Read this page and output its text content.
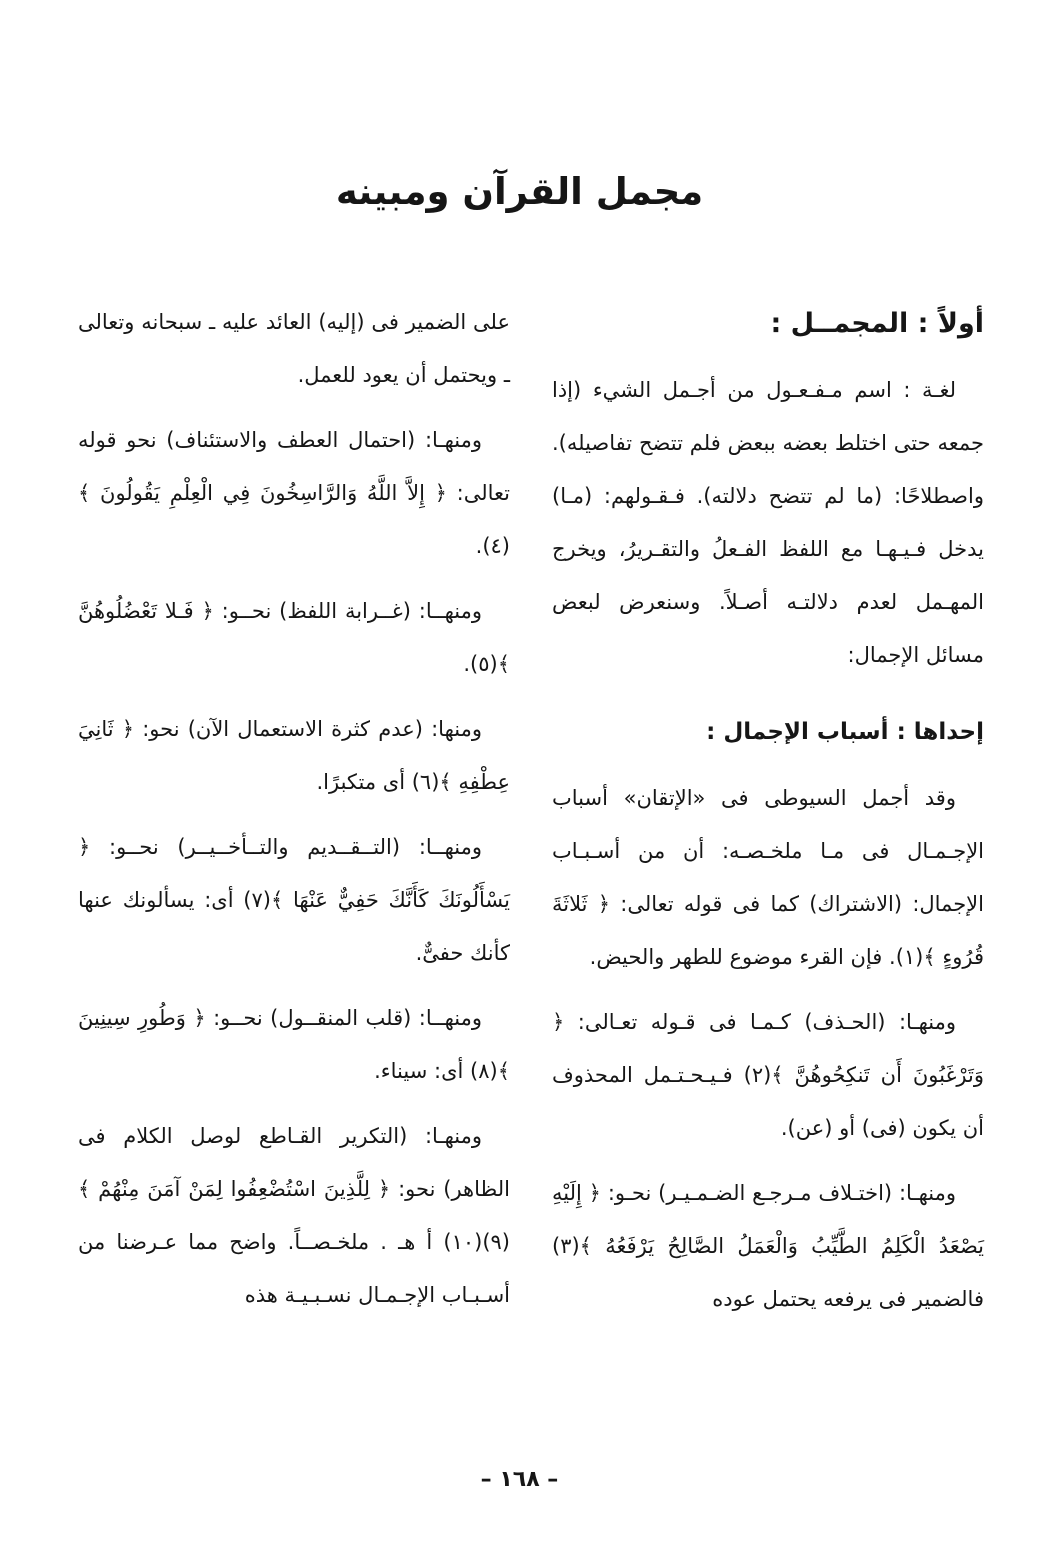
مجمل القرآن ومبينه
أولاً : المجمــل :

لغـة : اسم مـفـعـول من أجـمل الشيء (إذا جمعه حتى اختلط بعضه ببعض فلم تتضح تفاصيله). واصطلاحًا: (ما لم تتضح دلالته). فـقـولهم: (مـا) يدخل فـيـهـا مع اللفظ الفـعلُ والتقـريرُ، ويخرج المهـمل لعدم دلالتـه أصـلاً. وسنعرض لبعض مسائل الإجمال:

إحداها : أسباب الإجمال :

وقد أجمل السيوطى فى «الإتقان» أسباب الإجـمـال فى مـا ملخـصـه: أن من أسـبـاب الإجمال: (الاشتراك) كما فى قوله تعالى: ﴿ ثَلاثَةَ قُرُوءٍ ﴾(١). فإن القرء موضوع للطهر والحيض.

ومنهـا: (الحـذف) كـمـا فى قـوله تعـالى: ﴿ وَتَرْغَبُونَ أَن تَنكِحُوهُنَّ ﴾(٢) فـيـحـتـمل المحذوف أن يكون (فى) أو (عن).

ومنهـا: (اختـلاف مـرجـع الضـمـيـر) نحـو: ﴿ إِلَيْهِ يَصْعَدُ الْكَلِمُ الطَّيِّبُ وَالْعَمَلُ الصَّالِحُ يَرْفَعُهُ ﴾(٣) فالضمير فى يرفعه يحتمل عوده

على الضمير فى (إليه) العائد عليه ـ سبحانه وتعالى ـ ويحتمل أن يعود للعمل.

ومنهـا: (احتمال العطف والاستئناف) نحو قوله تعالى: ﴿ إِلاَّ اللَّهُ وَالرَّاسِخُونَ فِي الْعِلْمِ يَقُولُونَ ﴾(٤).

ومنهــا: (غــرابة اللفظ) نحــو: ﴿ فَـلا تَعْضُلُوهُنَّ ﴾(٥).

ومنها: (عدم كثرة الاستعمال الآن) نحو: ﴿ ثَانِيَ عِطْفِهِ ﴾(٦) أى متكبرًا.

ومنهــا: (التــقــديم والتــأخــيــر) نحــو: ﴿ يَسْأَلُونَكَ كَأَنَّكَ حَفِيٌّ عَنْهَا ﴾(٧) أى: يسألونك عنها كأنك حفىٌّ.

ومنهــا: (قلب المنقــول) نحــو: ﴿ وَطُورِ سِينِينَ ﴾(٨) أى: سيناء.

ومنهـا: (التكرير القـاطع لوصل الكلام فى الظاهر) نحو: ﴿ لِلَّذِينَ اسْتُضْعِفُوا لِمَنْ آمَنَ مِنْهُمْ ﴾(٩)(١٠) أ هـ . ملخـصــاً. واضح مما عـرضنا من أسـبـاب الإجـمـال نسـبـيـة هذه

– ١٦٨ –
